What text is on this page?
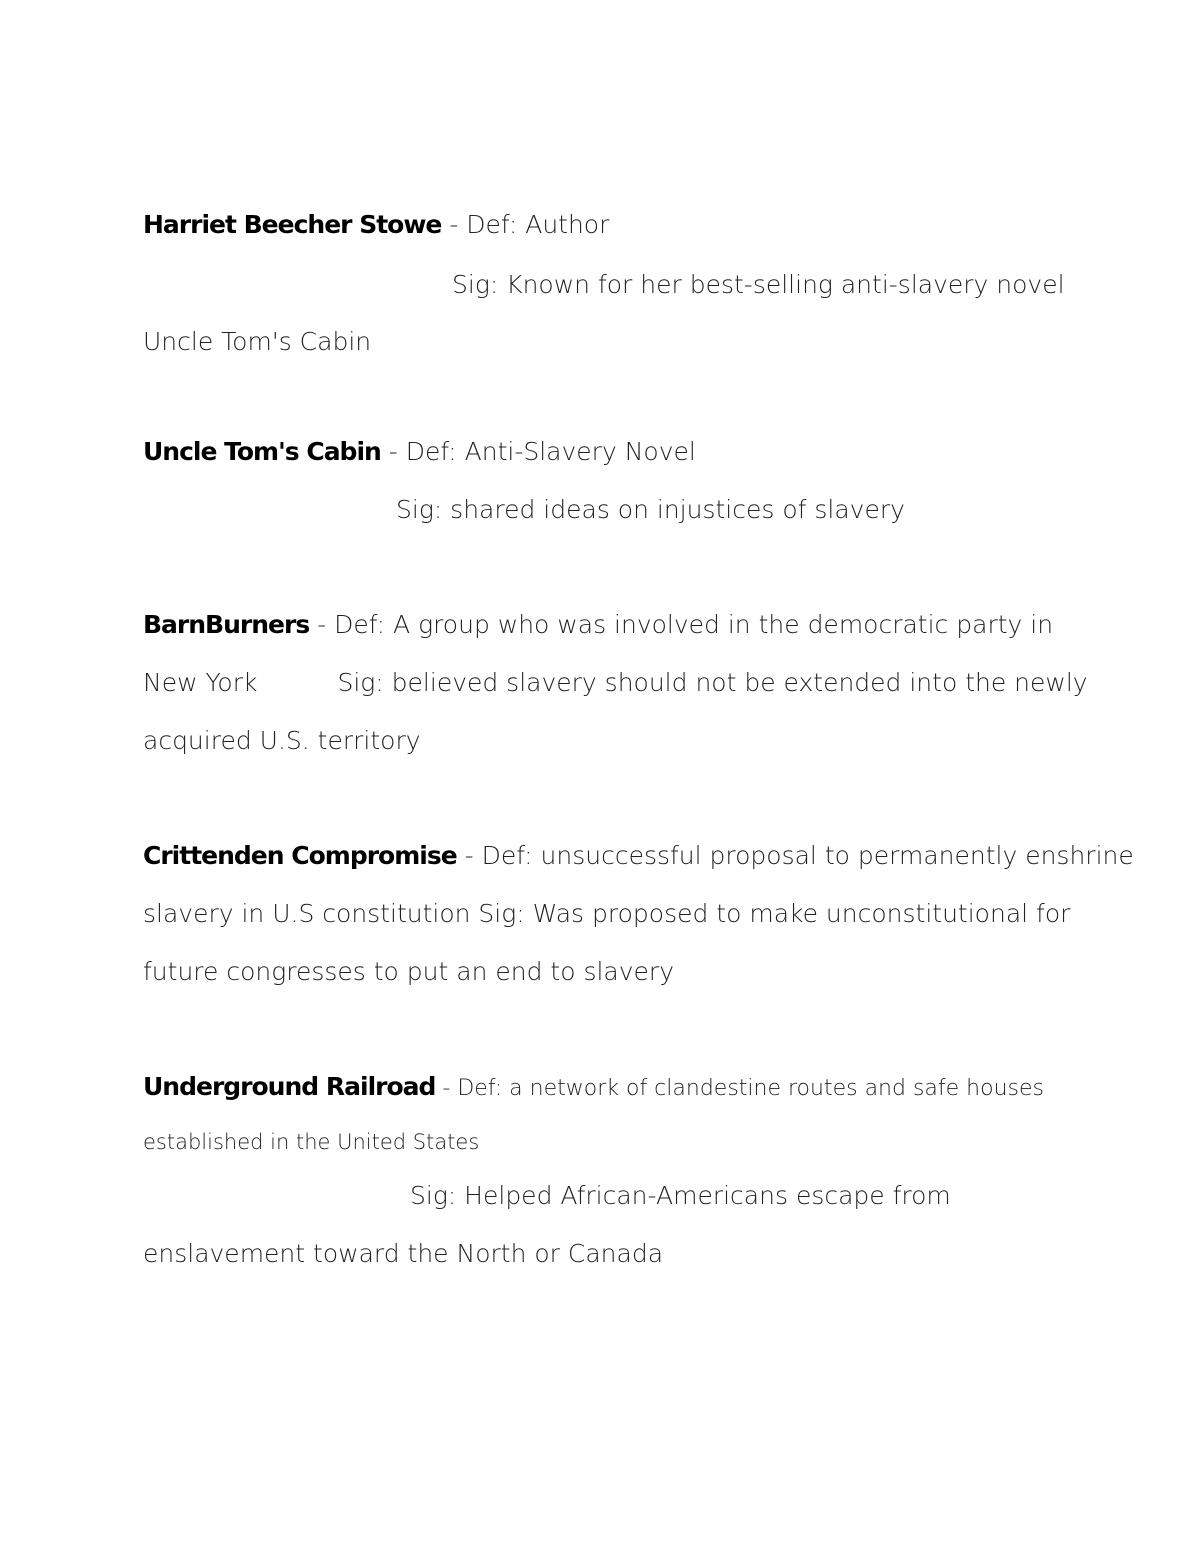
Harriet Beecher Stowe - Def: Author
Sig: Known for her best-selling anti-slavery novel
Uncle Tom's Cabin
Uncle Tom's Cabin - Def: Anti-Slavery Novel
Sig: shared ideas on injustices of slavery
BarnBurners - Def: A group who was involved in the democratic party in
New York	Sig: believed slavery should not be extended into the newly
acquired U.S. territory
Crittenden Compromise - Def: unsuccessful proposal to permanently enshrine
slavery in U.S constitution Sig: Was proposed to make unconstitutional for
future congresses to put an end to slavery
Underground Railroad - Def: a network of clandestine routes and safe houses
established in the United States
Sig: Helped African-Americans escape from
enslavement toward the North or Canada
